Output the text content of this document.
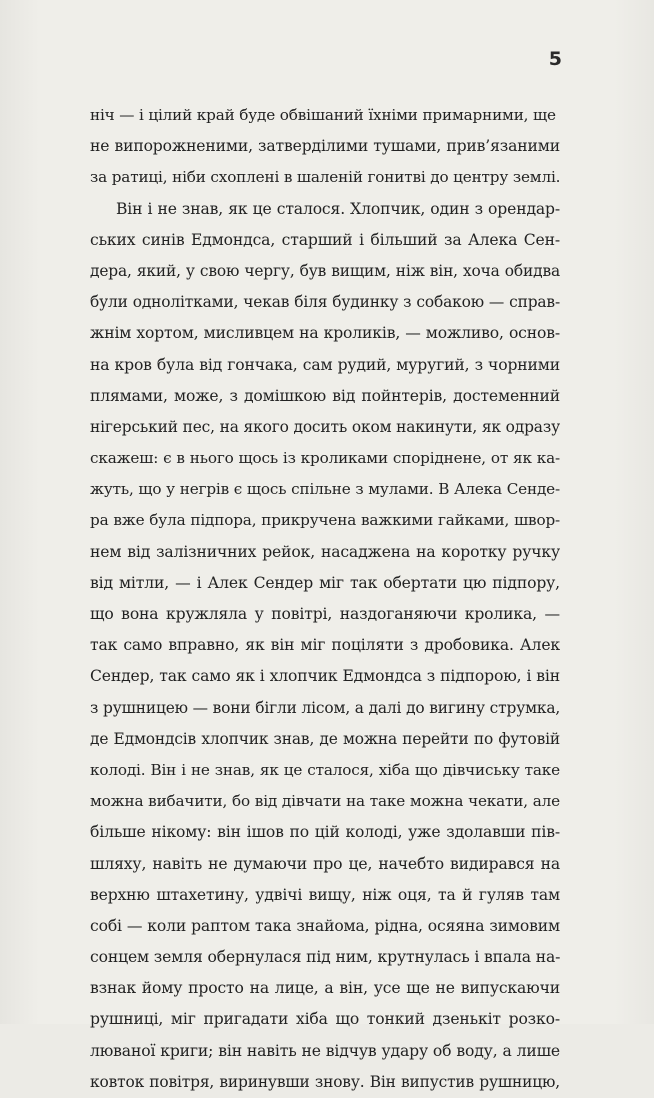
5
ніч — і цілий край буде обвішаний їхніми примарними, ще
не випорожненими, затверділими тушами, прив’язаними
за ратиці, ніби схоплені в шаленій гонитві до центру землі.
Він і не знав, як це сталося. Хлопчик, один з орендар-
ських синів Едмондса, старший і більший за Алека Сен-
дера, який, у свою чергу, був вищим, ніж він, хоча обидва
були однолітками, чекав біля будинку з собакою — справ-
жнім хортом, мисливцем на кроликів, — можливо, основ-
на кров була від гончака, сам рудий, муругий, з чорними
плямами, може, з домішкою від пойнтерів, достеменний
нігерський пес, на якого досить оком накинути, як одразу
скажеш: є в нього щось із кроликами споріднене, от як ка-
жуть, що у негрів є щось спільне з мулами. В Алека Сенде-
ра вже була підпора, прикручена важкими гайками, швор-
нем від залізничних рейок, насаджена на коротку ручку
від мітли, — і Алек Сендер міг так обертати цю підпору,
що вона кружляла у повітрі, наздоганяючи кролика, —
так само вправно, як він міг поціляти з дробовика. Алек
Сендер, так само як і хлопчик Едмондса з підпорою, і він
з рушницею — вони бігли лісом, а далі до вигину струмка,
де Едмондсів хлопчик знав, де можна перейти по футовій
колоді. Він і не знав, як це сталося, хіба що дівчиську таке
можна вибачити, бо від дівчати на таке можна чекати, але
більше нікому: він ішов по цій колоді, уже здолавши пів-
шляху, навіть не думаючи про це, начебто видирався на
верхню штахетину, удвічі вищу, ніж оця, та й гуляв там
собі — коли раптом така знайома, рідна, осяяна зимовим
сонцем земля обернулася під ним, крутнулась і впала на-
взнак йому просто на лице, а він, усе ще не випускаючи
рушниці, міг пригадати хіба що тонкий дзенькіт розко-
люваної криги; він навіть не відчув удару об воду, а лише
ковток повітря, виринувши знову. Він випустив рушницю,
